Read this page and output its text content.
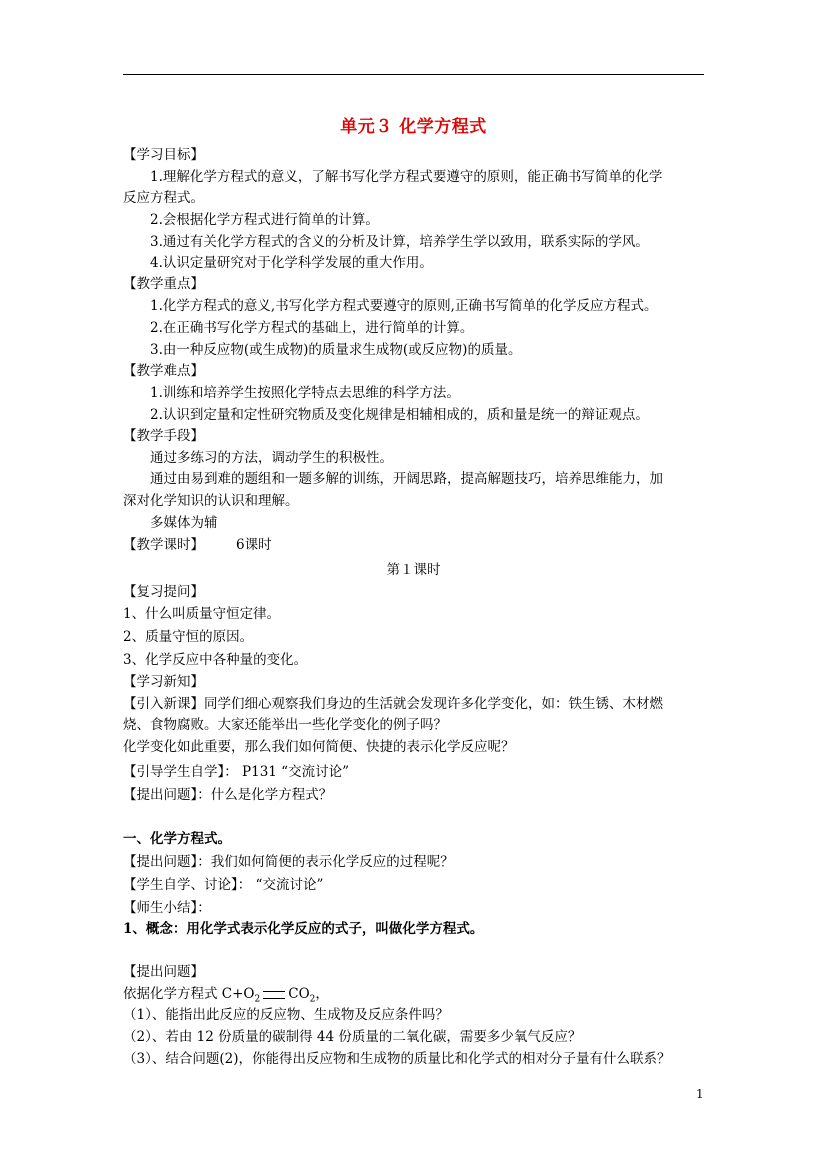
单元３ 化学方程式
【学习目标】
1.理解化学方程式的意义，了解书写化学方程式要遵守的原则，能正确书写简单的化学
反应方程式。
2.会根据化学方程式进行简单的计算。
3.通过有关化学方程式的含义的分析及计算，培养学生学以致用，联系实际的学风。
4.认识定量研究对于化学科学发展的重大作用。
【教学重点】
1.化学方程式的意义,书写化学方程式要遵守的原则,正确书写简单的化学反应方程式。
2.在正确书写化学方程式的基础上，进行简单的计算。
3.由一种反应物(或生成物)的质量求生成物(或反应物)的质量。
【教学难点】
1.训练和培养学生按照化学特点去思维的科学方法。
2.认识到定量和定性研究物质及变化规律是相辅相成的，质和量是统一的辩证观点。
【教学手段】
通过多练习的方法，调动学生的积极性。
通过由易到难的题组和一题多解的训练，开阔思路，提高解题技巧，培养思维能力，加
深对化学知识的认识和理解。
多媒体为辅
【教学课时】 6课时
第１课时
【复习提问】
1、什么叫质量守恒定律。
2、质量守恒的原因。
3、化学反应中各种量的变化。
【学习新知】
【引入新课】同学们细心观察我们身边的生活就会发现许多化学变化，如：铁生锈、木材燃
烧、食物腐败。大家还能举出一些化学变化的例子吗？
化学变化如此重要，那么我们如何简便、快捷的表示化学反应呢？
【引导学生自学】： P131 “交流讨论”
【提出问题】：什么是化学方程式？
一、化学方程式。
【提出问题】：我们如何简便的表示化学反应的过程呢？
【学生自学、讨论】： “交流讨论”
【师生小结】：
1、概念：用化学式表示化学反应的式子，叫做化学方程式。
【提出问题】
依据化学方程式 $C+O_2$ $CO_2$，
（1）、能指出此反应的反应物、生成物及反应条件吗？
（2）、若由 12 份质量的碳制得 44 份质量的二氧化碳，需要多少氧气反应？
（3）、结合问题(2)，你能得出反应物和生成物的质量比和化学式的相对分子量有什么联系？
1
